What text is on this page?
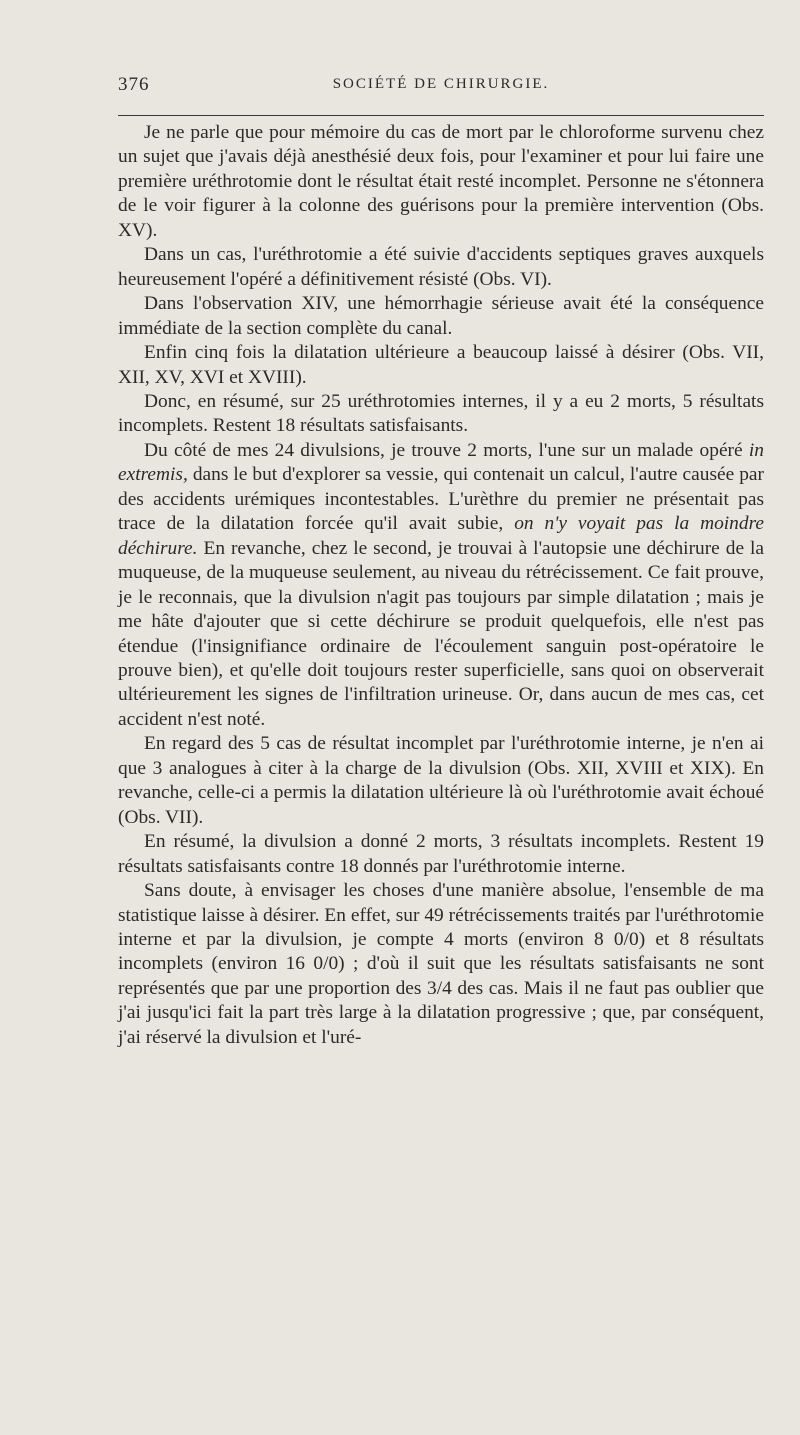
376	SOCIÉTÉ DE CHIRURGIE.

Je ne parle que pour mémoire du cas de mort par le chloroforme survenu chez un sujet que j'avais déjà anesthésié deux fois, pour l'examiner et pour lui faire une première uréthrotomie dont le résultat était resté incomplet. Personne ne s'étonnera de le voir figurer à la colonne des guérisons pour la première intervention (Obs. XV).

Dans un cas, l'uréthrotomie a été suivie d'accidents septiques graves auxquels heureusement l'opéré a définitivement résisté (Obs. VI).

Dans l'observation XIV, une hémorrhagie sérieuse avait été la conséquence immédiate de la section complète du canal.

Enfin cinq fois la dilatation ultérieure a beaucoup laissé à désirer (Obs. VII, XII, XV, XVI et XVIII).

Donc, en résumé, sur 25 uréthrotomies internes, il y a eu 2 morts, 5 résultats incomplets. Restent 18 résultats satisfaisants.

Du côté de mes 24 divulsions, je trouve 2 morts, l'une sur un malade opéré in extremis, dans le but d'explorer sa vessie, qui contenait un calcul, l'autre causée par des accidents urémiques incontestables. L'urèthre du premier ne présentait pas trace de la dilatation forcée qu'il avait subie, on n'y voyait pas la moindre déchirure. En revanche, chez le second, je trouvai à l'autopsie une déchirure de la muqueuse, de la muqueuse seulement, au niveau du rétrécissement. Ce fait prouve, je le reconnais, que la divulsion n'agit pas toujours par simple dilatation ; mais je me hâte d'ajouter que si cette déchirure se produit quelquefois, elle n'est pas étendue (l'insignifiance ordinaire de l'écoulement sanguin post-opératoire le prouve bien), et qu'elle doit toujours rester superficielle, sans quoi on observerait ultérieurement les signes de l'infiltration urineuse. Or, dans aucun de mes cas, cet accident n'est noté.

En regard des 5 cas de résultat incomplet par l'uréthrotomie interne, je n'en ai que 3 analogues à citer à la charge de la divulsion (Obs. XII, XVIII et XIX). En revanche, celle-ci a permis la dilatation ultérieure là où l'uréthrotomie avait échoué (Obs. VII).

En résumé, la divulsion a donné 2 morts, 3 résultats incomplets. Restent 19 résultats satisfaisants contre 18 donnés par l'uréthrotomie interne.

Sans doute, à envisager les choses d'une manière absolue, l'ensemble de ma statistique laisse à désirer. En effet, sur 49 rétrécissements traités par l'uréthrotomie interne et par la divulsion, je compte 4 morts (environ 8 0/0) et 8 résultats incomplets (environ 16 0/0) ; d'où il suit que les résultats satisfaisants ne sont représentés que par une proportion des 3/4 des cas. Mais il ne faut pas oublier que j'ai jusqu'ici fait la part très large à la dilatation progressive ; que, par conséquent, j'ai réservé la divulsion et l'uré-
